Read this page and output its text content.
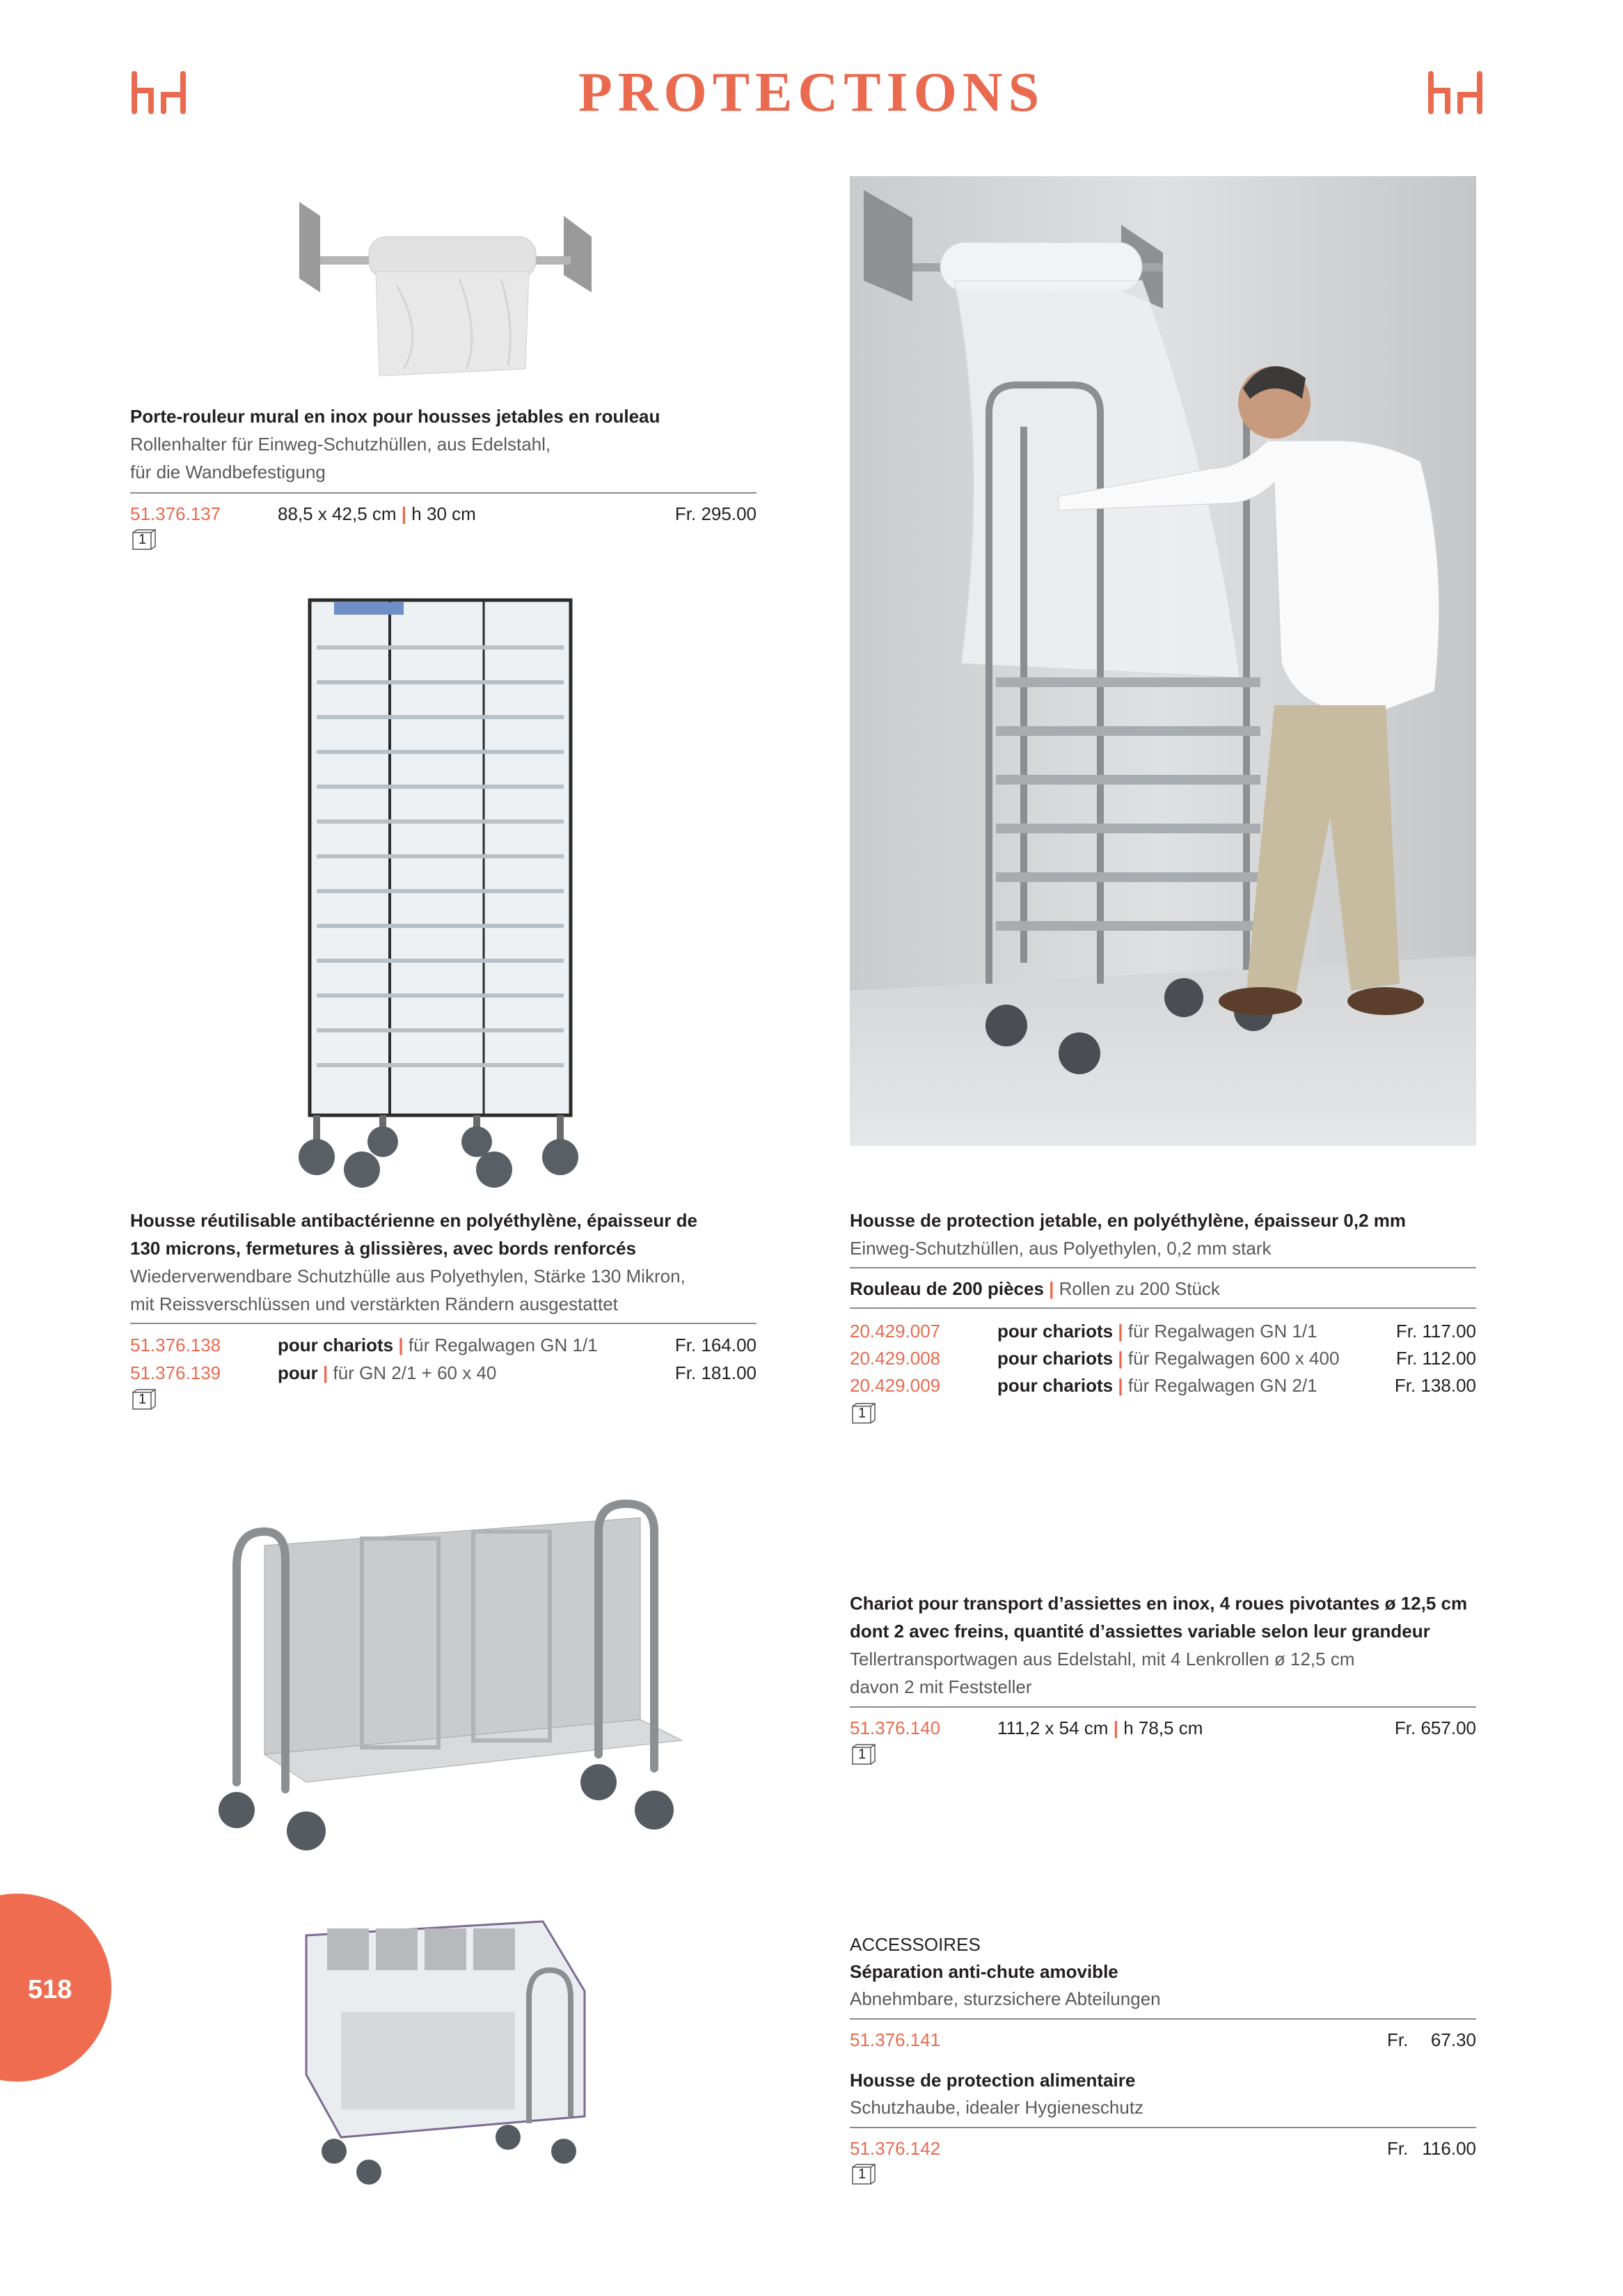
PROTECTIONS
Porte-rouleur mural en inox pour housses jetables en rouleau
Rollenhalter für Einweg-Schutzhüllen, aus Edelstahl,
für die Wandbefestigung
51.376.137	88,5 x 42,5 cm | h 30 cm	Fr. 295.00
1
Housse réutilisable antibactérienne en polyéthylène, épaisseur de
130 microns, fermetures à glissières, avec bords renforcés
Wiederverwendbare Schutzhülle aus Polyethylen, Stärke 130 Mikron,
mit Reissverschlüssen und verstärkten Rändern ausgestattet
51.376.138	pour chariots | für Regalwagen GN 1/1	Fr. 164.00
51.376.139	pour | für GN 2/1 + 60 x 40	Fr. 181.00
1
Housse de protection jetable, en polyéthylène, épaisseur 0,2 mm
Einweg-Schutzhüllen, aus Polyethylen, 0,2 mm stark
Rouleau de 200 pièces | Rollen zu 200 Stück
20.429.007	pour chariots | für Regalwagen GN 1/1	Fr. 117.00
20.429.008	pour chariots | für Regalwagen 600 x 400	Fr. 112.00
20.429.009	pour chariots | für Regalwagen GN 2/1	Fr. 138.00
1
Chariot pour transport d’assiettes en inox, 4 roues pivotantes ø 12,5 cm
dont 2 avec freins, quantité d’assiettes variable selon leur grandeur
Tellertransportwagen aus Edelstahl, mit 4 Lenkrollen ø 12,5 cm
davon 2 mit Feststeller
51.376.140	111,2 x 54 cm | h 78,5 cm	Fr. 657.00
1
ACCESSOIRES
Séparation anti-chute amovible
Abnehmbare, sturzsichere Abteilungen
51.376.141	Fr. 67.30
Housse de protection alimentaire
Schutzhaube, idealer Hygieneschutz
51.376.142	Fr. 116.00
1
518
